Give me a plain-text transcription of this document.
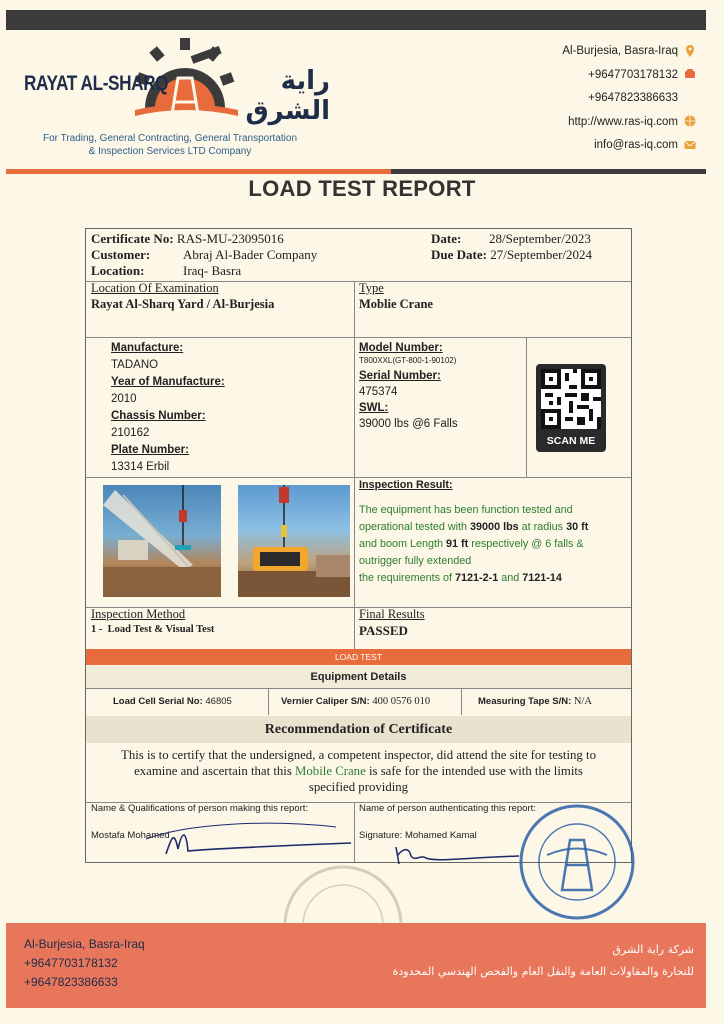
RAYAT AL-SHARQ	راية الشرق
For Trading, General Contracting, General Transportation
& Inspection Services LTD Company
Al-Burjesia, Basra-Iraq
+9647703178132
+9647823386633
http://www.ras-iq.com
info@ras-iq.com
LOAD TEST REPORT
Certificate No: RAS-MU-23095016
Customer:	Abraj Al-Bader Company
Location:	Iraq- Basra
Date: 28/September/2023
Due Date: 27/September/2024
Location Of Examination
Rayat Al-Sharq Yard / Al-Burjesia
Type
Moblie Crane
Manufacture:
TADANO
Year of Manufacture:
2010
Chassis Number:
210162
Plate Number:
13314 Erbil
Model Number:
T800XXL(GT-800-1-90102)
Serial Number:
475374
SWL:
39000 lbs @6 Falls
SCAN ME
Inspection Result:
The equipment has been function tested and
operational tested with 39000 lbs at radius 30 ft
and boom Length 91 ft respectively @ 6 falls &
outrigger fully extended
the requirements of 7121-2-1 and 7121-14
Inspection Method
1 - Load Test & Visual Test
Final Results
PASSED
LOAD TEST
Equipment Details
Load Cell Serial No: 46805	Vernier Caliper S/N: 400 0576 010	Measuring Tape S/N: N/A
Recommendation of Certificate
This is to certify that the undersigned, a competent inspector, did attend the site for testing to
examine and ascertain that this Mobile Crane is safe for the intended use with the limits
specified providing
Name & Qualifications of person making this report:
Mostafa Mohamed
Name of person authenticating this report:
Signature: Mohamed Kamal
Al-Burjesia, Basra-Iraq
+9647703178132
+9647823386633
شركة راية الشرق
للتجارة والمقاولات العامة والنقل العام والفحص الهندسي المحدودة
